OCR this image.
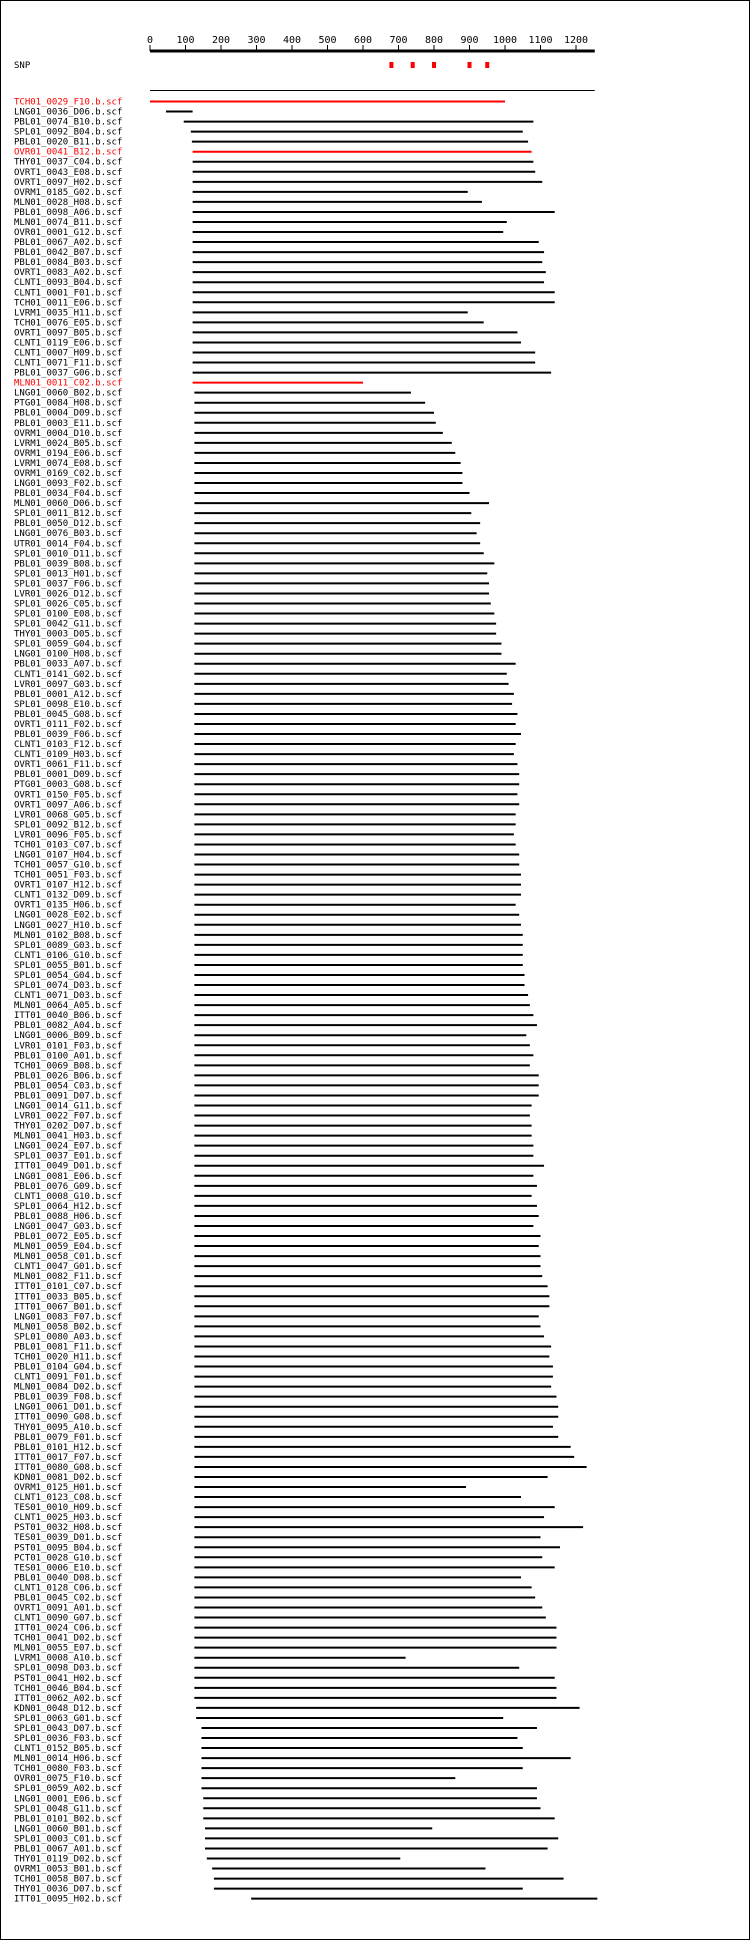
0 100 200 300 400 500 600 700 800 900 1000 1100 1200
SNP
TCH01_0029_F10.b.scf
LNG01_0036_D06.b.scf
PBL01_0074_B10.b.scf
SPL01_0092_B04.b.scf
PBL01_0020_B11.b.scf
OVR01_0041_B12.b.scf
THY01_0037_C04.b.scf
OVRT1_0043_E08.b.scf
OVRT1_0097_H02.b.scf
OVRM1_0185_G02.b.scf
MLN01_0028_H08.b.scf
PBL01_0098_A06.b.scf
MLN01_0074_B11.b.scf
OVR01_0001_G12.b.scf
PBL01_0067_A02.b.scf
PBL01_0042_B07.b.scf
PBL01_0084_B03.b.scf
OVRT1_0083_A02.b.scf
CLNT1_0093_B04.b.scf
CLNT1_0001_F01.b.scf
TCH01_0011_E06.b.scf
LVRM1_0035_H11.b.scf
TCH01_0076_E05.b.scf
OVRT1_0097_B05.b.scf
CLNT1_0119_E06.b.scf
CLNT1_0007_H09.b.scf
CLNT1_0071_F11.b.scf
PBL01_0037_G06.b.scf
MLN01_0011_C02.b.scf
LNG01_0060_B02.b.scf
PTG01_0084_H08.b.scf
PBL01_0004_D09.b.scf
PBL01_0003_E11.b.scf
OVRM1_0004_D10.b.scf
LVRM1_0024_B05.b.scf
OVRM1_0194_E06.b.scf
LVRM1_0074_E08.b.scf
OVRM1_0169_C02.b.scf
LNG01_0093_F02.b.scf
PBL01_0034_F04.b.scf
MLN01_0060_D06.b.scf
SPL01_0011_B12.b.scf
PBL01_0050_D12.b.scf
LNG01_0076_B03.b.scf
UTR01_0014_F04.b.scf
SPL01_0010_D11.b.scf
PBL01_0039_B08.b.scf
SPL01_0013_H01.b.scf
SPL01_0037_F06.b.scf
LVR01_0026_D12.b.scf
SPL01_0026_C05.b.scf
SPL01_0100_E08.b.scf
SPL01_0042_G11.b.scf
THY01_0003_D05.b.scf
SPL01_0059_G04.b.scf
LNG01_0100_H08.b.scf
PBL01_0033_A07.b.scf
CLNT1_0141_G02.b.scf
LVR01_0097_G03.b.scf
PBL01_0001_A12.b.scf
SPL01_0098_E10.b.scf
PBL01_0045_G08.b.scf
OVRT1_0111_F02.b.scf
PBL01_0039_F06.b.scf
CLNT1_0103_F12.b.scf
CLNT1_0109_H03.b.scf
OVRT1_0061_F11.b.scf
PBL01_0001_D09.b.scf
PTG01_0003_G08.b.scf
OVRT1_0150_F05.b.scf
OVRT1_0097_A06.b.scf
LVR01_0068_G05.b.scf
SPL01_0092_B12.b.scf
LVR01_0096_F05.b.scf
TCH01_0103_C07.b.scf
LNG01_0107_H04.b.scf
TCH01_0057_G10.b.scf
TCH01_0051_F03.b.scf
OVRT1_0107_H12.b.scf
CLNT1_0132_D09.b.scf
OVRT1_0135_H06.b.scf
LNG01_0028_E02.b.scf
LNG01_0027_H10.b.scf
MLN01_0102_B08.b.scf
SPL01_0089_G03.b.scf
CLNT1_0106_G10.b.scf
SPL01_0055_B01.b.scf
SPL01_0054_G04.b.scf
SPL01_0074_D03.b.scf
CLNT1_0071_D03.b.scf
MLN01_0064_A05.b.scf
ITT01_0040_B06.b.scf
PBL01_0082_A04.b.scf
LNG01_0006_B09.b.scf
LVR01_0101_F03.b.scf
PBL01_0100_A01.b.scf
TCH01_0069_B08.b.scf
PBL01_0026_B06.b.scf
PBL01_0054_C03.b.scf
PBL01_0091_D07.b.scf
LNG01_0014_G11.b.scf
LVR01_0022_F07.b.scf
THY01_0202_D07.b.scf
MLN01_0041_H03.b.scf
LNG01_0024_E07.b.scf
SPL01_0037_E01.b.scf
ITT01_0049_D01.b.scf
LNG01_0081_E06.b.scf
PBL01_0076_G09.b.scf
CLNT1_0008_G10.b.scf
SPL01_0064_H12.b.scf
PBL01_0088_H06.b.scf
LNG01_0047_G03.b.scf
PBL01_0072_E05.b.scf
MLN01_0059_E04.b.scf
MLN01_0058_C01.b.scf
CLNT1_0047_G01.b.scf
MLN01_0082_F11.b.scf
ITT01_0101_C07.b.scf
ITT01_0033_B05.b.scf
ITT01_0067_B01.b.scf
LNG01_0083_F07.b.scf
MLN01_0058_B02.b.scf
SPL01_0080_A03.b.scf
PBL01_0081_F11.b.scf
TCH01_0020_H11.b.scf
PBL01_0104_G04.b.scf
CLNT1_0091_F01.b.scf
MLN01_0084_D02.b.scf
PBL01_0039_F08.b.scf
LNG01_0061_D01.b.scf
ITT01_0090_G08.b.scf
THY01_0095_A10.b.scf
PBL01_0079_F01.b.scf
PBL01_0101_H12.b.scf
ITT01_0017_F07.b.scf
ITT01_0080_G08.b.scf
KDN01_0081_D02.b.scf
OVRM1_0125_H01.b.scf
CLNT1_0123_C08.b.scf
TES01_0010_H09.b.scf
CLNT1_0025_H03.b.scf
PST01_0032_H08.b.scf
TES01_0039_D01.b.scf
PST01_0095_B04.b.scf
PCT01_0028_G10.b.scf
TES01_0006_E10.b.scf
PBL01_0040_D08.b.scf
CLNT1_0128_C06.b.scf
PBL01_0045_C02.b.scf
OVRT1_0091_A01.b.scf
CLNT1_0090_G07.b.scf
ITT01_0024_C06.b.scf
TCH01_0041_D02.b.scf
MLN01_0055_E07.b.scf
LVRM1_0008_A10.b.scf
SPL01_0098_D03.b.scf
PST01_0041_H02.b.scf
TCH01_0046_B04.b.scf
ITT01_0062_A02.b.scf
KDN01_0048_D12.b.scf
SPL01_0063_G01.b.scf
SPL01_0043_D07.b.scf
SPL01_0036_F03.b.scf
CLNT1_0152_B05.b.scf
MLN01_0014_H06.b.scf
TCH01_0080_F03.b.scf
OVR01_0075_F10.b.scf
SPL01_0059_A02.b.scf
LNG01_0001_E06.b.scf
SPL01_0048_G11.b.scf
PBL01_0101_B02.b.scf
LNG01_0060_B01.b.scf
SPL01_0003_C01.b.scf
PBL01_0067_A01.b.scf
THY01_0119_D02.b.scf
OVRM1_0053_B01.b.scf
TCH01_0058_B07.b.scf
THY01_0036_D07.b.scf
ITT01_0095_H02.b.scf
